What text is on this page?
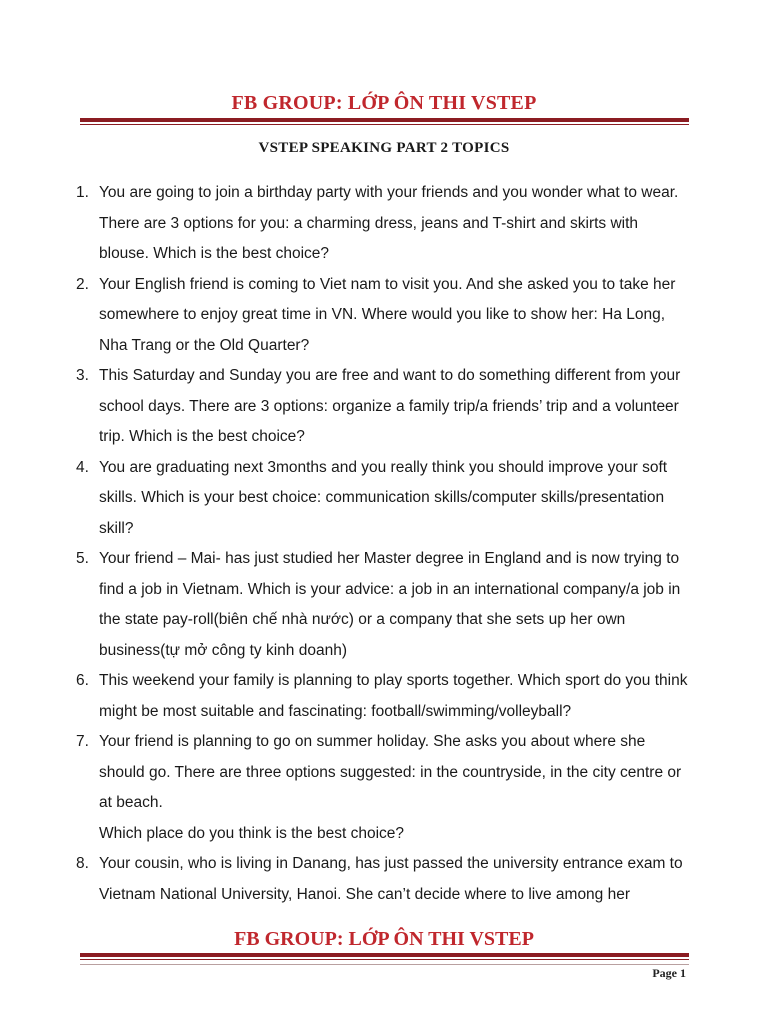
FB GROUP: LỚP ÔN THI VSTEP
VSTEP SPEAKING PART 2 TOPICS
1. You are going to join a birthday party with your friends and you wonder what to wear. There are 3 options for you: a charming dress, jeans and T-shirt and skirts with blouse. Which is the best choice?
2. Your English friend is coming to Viet nam to visit you. And she asked you to take her somewhere to enjoy great time in VN. Where would you like to show her: Ha Long, Nha Trang or the Old Quarter?
3. This Saturday and Sunday you are free and want to do something different from your school days. There are 3 options: organize a family trip/a friends’ trip and a volunteer trip. Which is the best choice?
4. You are graduating next 3months and you really think you should improve your soft skills. Which is your best choice: communication skills/computer skills/presentation skill?
5. Your friend – Mai- has just studied her Master degree in England and is now trying to find a job in Vietnam. Which is your advice: a job in an international company/a job in the state pay-roll(biên chế nhà nước) or a company that she sets up her own business(tự mở công ty kinh doanh)
6. This weekend your family is planning to play sports together. Which sport do you think might be most suitable and fascinating: football/swimming/volleyball?
7. Your friend is planning to go on summer holiday. She asks you about where she should go. There are three options suggested: in the countryside, in the city centre or at beach.
Which place do you think is the best choice?
8. Your cousin, who is living in Danang, has just passed the university entrance exam to Vietnam National University, Hanoi. She can’t decide where to live among her
FB GROUP: LỚP ÔN THI VSTEP
Page 1
